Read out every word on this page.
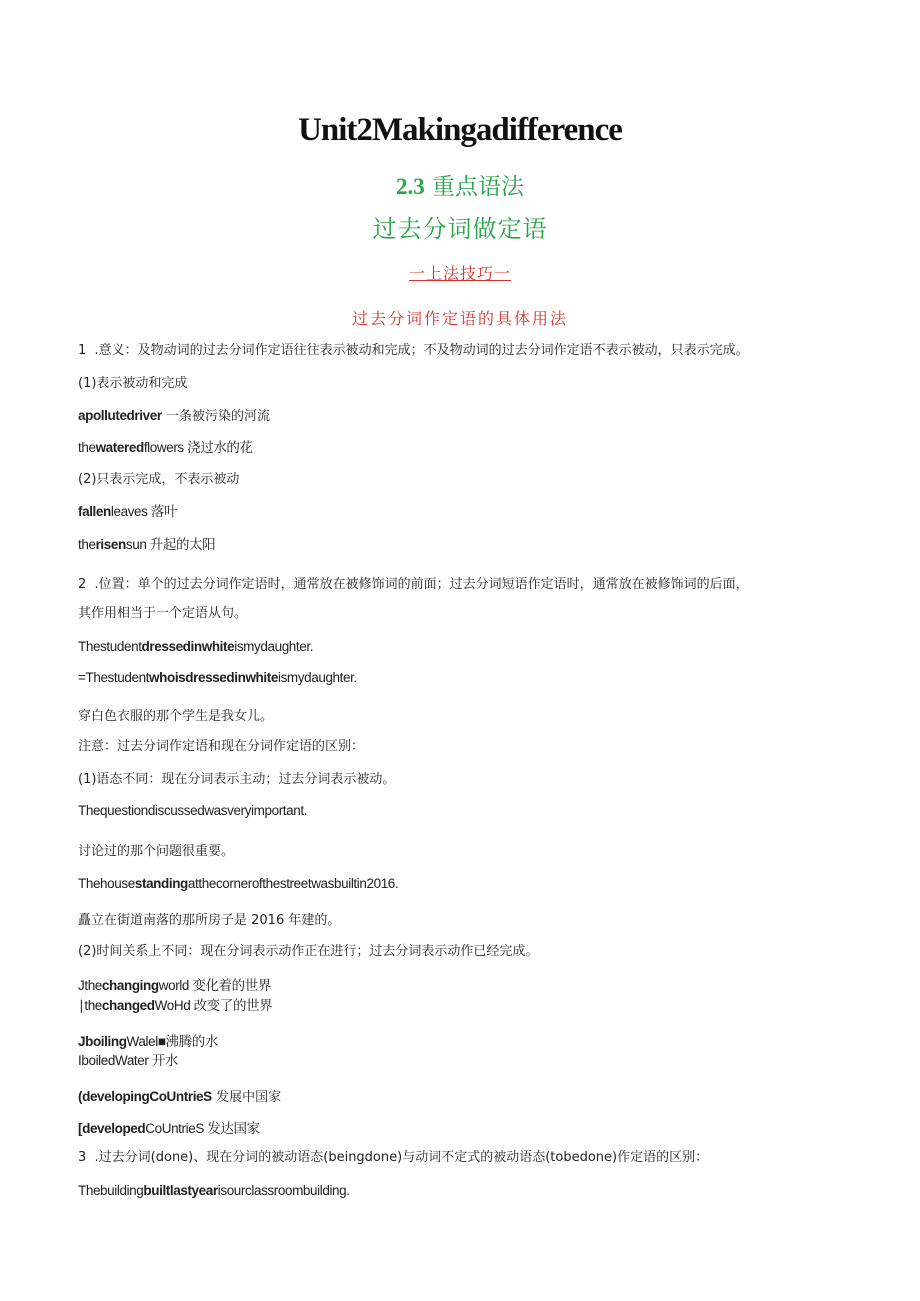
Unit2Makingadifference
2.3 重点语法
过去分词做定语
一上法技巧一
过去分词作定语的具体用法
1  .意义：及物动词的过去分词作定语往往表示被动和完成；不及物动词的过去分词作定语不表示被动，只表示完成。
(1)表示被动和完成
apollutedriver 一条被污染的河流
thewateredflowers 浇过水的花
(2)只表示完成，不表示被动
fallenleaves 落叶
therisensun 升起的太阳
2  .位置：单个的过去分词作定语时，通常放在被修饰词的前面；过去分词短语作定语时，通常放在被修饰词的后面，
其作用相当于一个定语从句。
Thestudentdressedinwhiteismydaughter.
=Thestudentwhoisdressedinwhiteismydaughter.
穿白色衣服的那个学生是我女儿。
注意：过去分词作定语和现在分词作定语的区别：
(1)语态不同：现在分词表示主动；过去分词表示被动。
Thequestiondiscussedwasveryimportant.
讨论过的那个问题很重要。
Thehousestandingatthecornerofthestreetwasbuiltin2016.
矗立在街道南落的那所房子是 2016 年建的。
(2)时间关系上不同：现在分词表示动作正在进行；过去分词表示动作已经完成。
Jthechangingworld 变化着的世界
∣thechangedWoHd 改变了的世界
JboilingWalel■沸腾的水
IboiledWater 开水
(developingCoUntrieS 发展中国家
[developedCoUntrieS 发达国家
3  .过去分词(done)、现在分词的被动语态(beingdone)与动词不定式的被动语态(tobedone)作定语的区别：
Thebuildingbuiltlastyearisourclassroombuilding.
